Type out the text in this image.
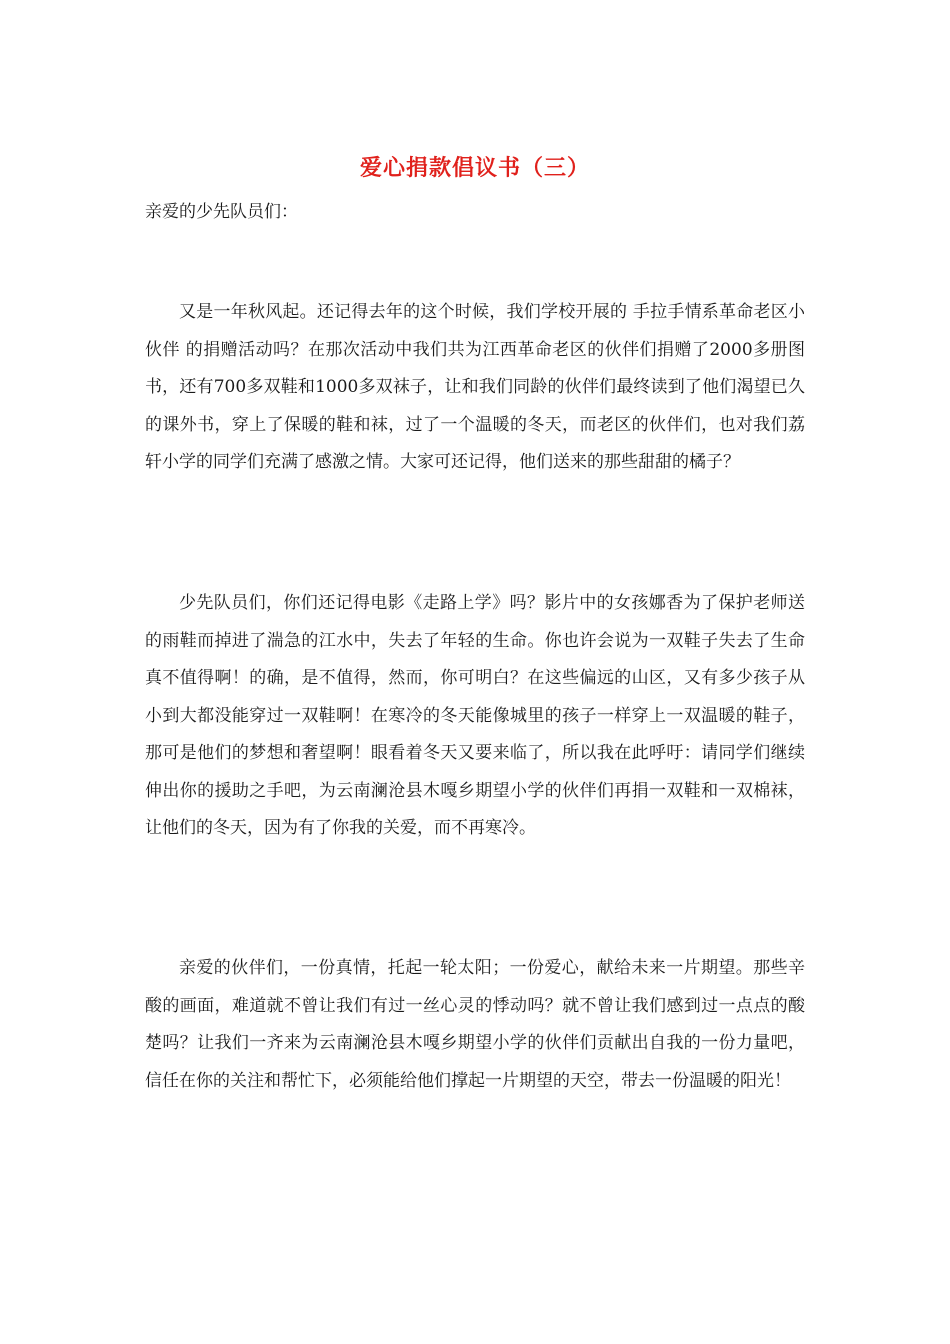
爱心捐款倡议书（三）
亲爱的少先队员们：

又是一年秋风起。还记得去年的这个时候，我们学校开展的 手拉手情系革命老区小伙伴 的捐赠活动吗？在那次活动中我们共为江西革命老区的伙伴们捐赠了2000多册图书，还有700多双鞋和1000多双袜子，让和我们同龄的伙伴们最终读到了他们渴望已久的课外书，穿上了保暖的鞋和袜，过了一个温暖的冬天，而老区的伙伴们，也对我们荔轩小学的同学们充满了感激之情。大家可还记得，他们送来的那些甜甜的橘子？

少先队员们，你们还记得电影《走路上学》吗？影片中的女孩娜香为了保护老师送的雨鞋而掉进了湍急的江水中，失去了年轻的生命。你也许会说为一双鞋子失去了生命真不值得啊！的确，是不值得，然而，你可明白？在这些偏远的山区，又有多少孩子从小到大都没能穿过一双鞋啊！在寒冷的冬天能像城里的孩子一样穿上一双温暖的鞋子，那可是他们的梦想和奢望啊！眼看着冬天又要来临了，所以我在此呼吁：请同学们继续伸出你的援助之手吧，为云南澜沧县木嘎乡期望小学的伙伴们再捐一双鞋和一双棉袜，让他们的冬天，因为有了你我的关爱，而不再寒冷。

亲爱的伙伴们，一份真情，托起一轮太阳；一份爱心，献给未来一片期望。那些辛酸的画面，难道就不曾让我们有过一丝心灵的悸动吗？就不曾让我们感到过一点点的酸楚吗？让我们一齐来为云南澜沧县木嘎乡期望小学的伙伴们贡献出自我的一份力量吧，信任在你的关注和帮忙下，必须能给他们撑起一片期望的天空，带去一份温暖的阳光！
